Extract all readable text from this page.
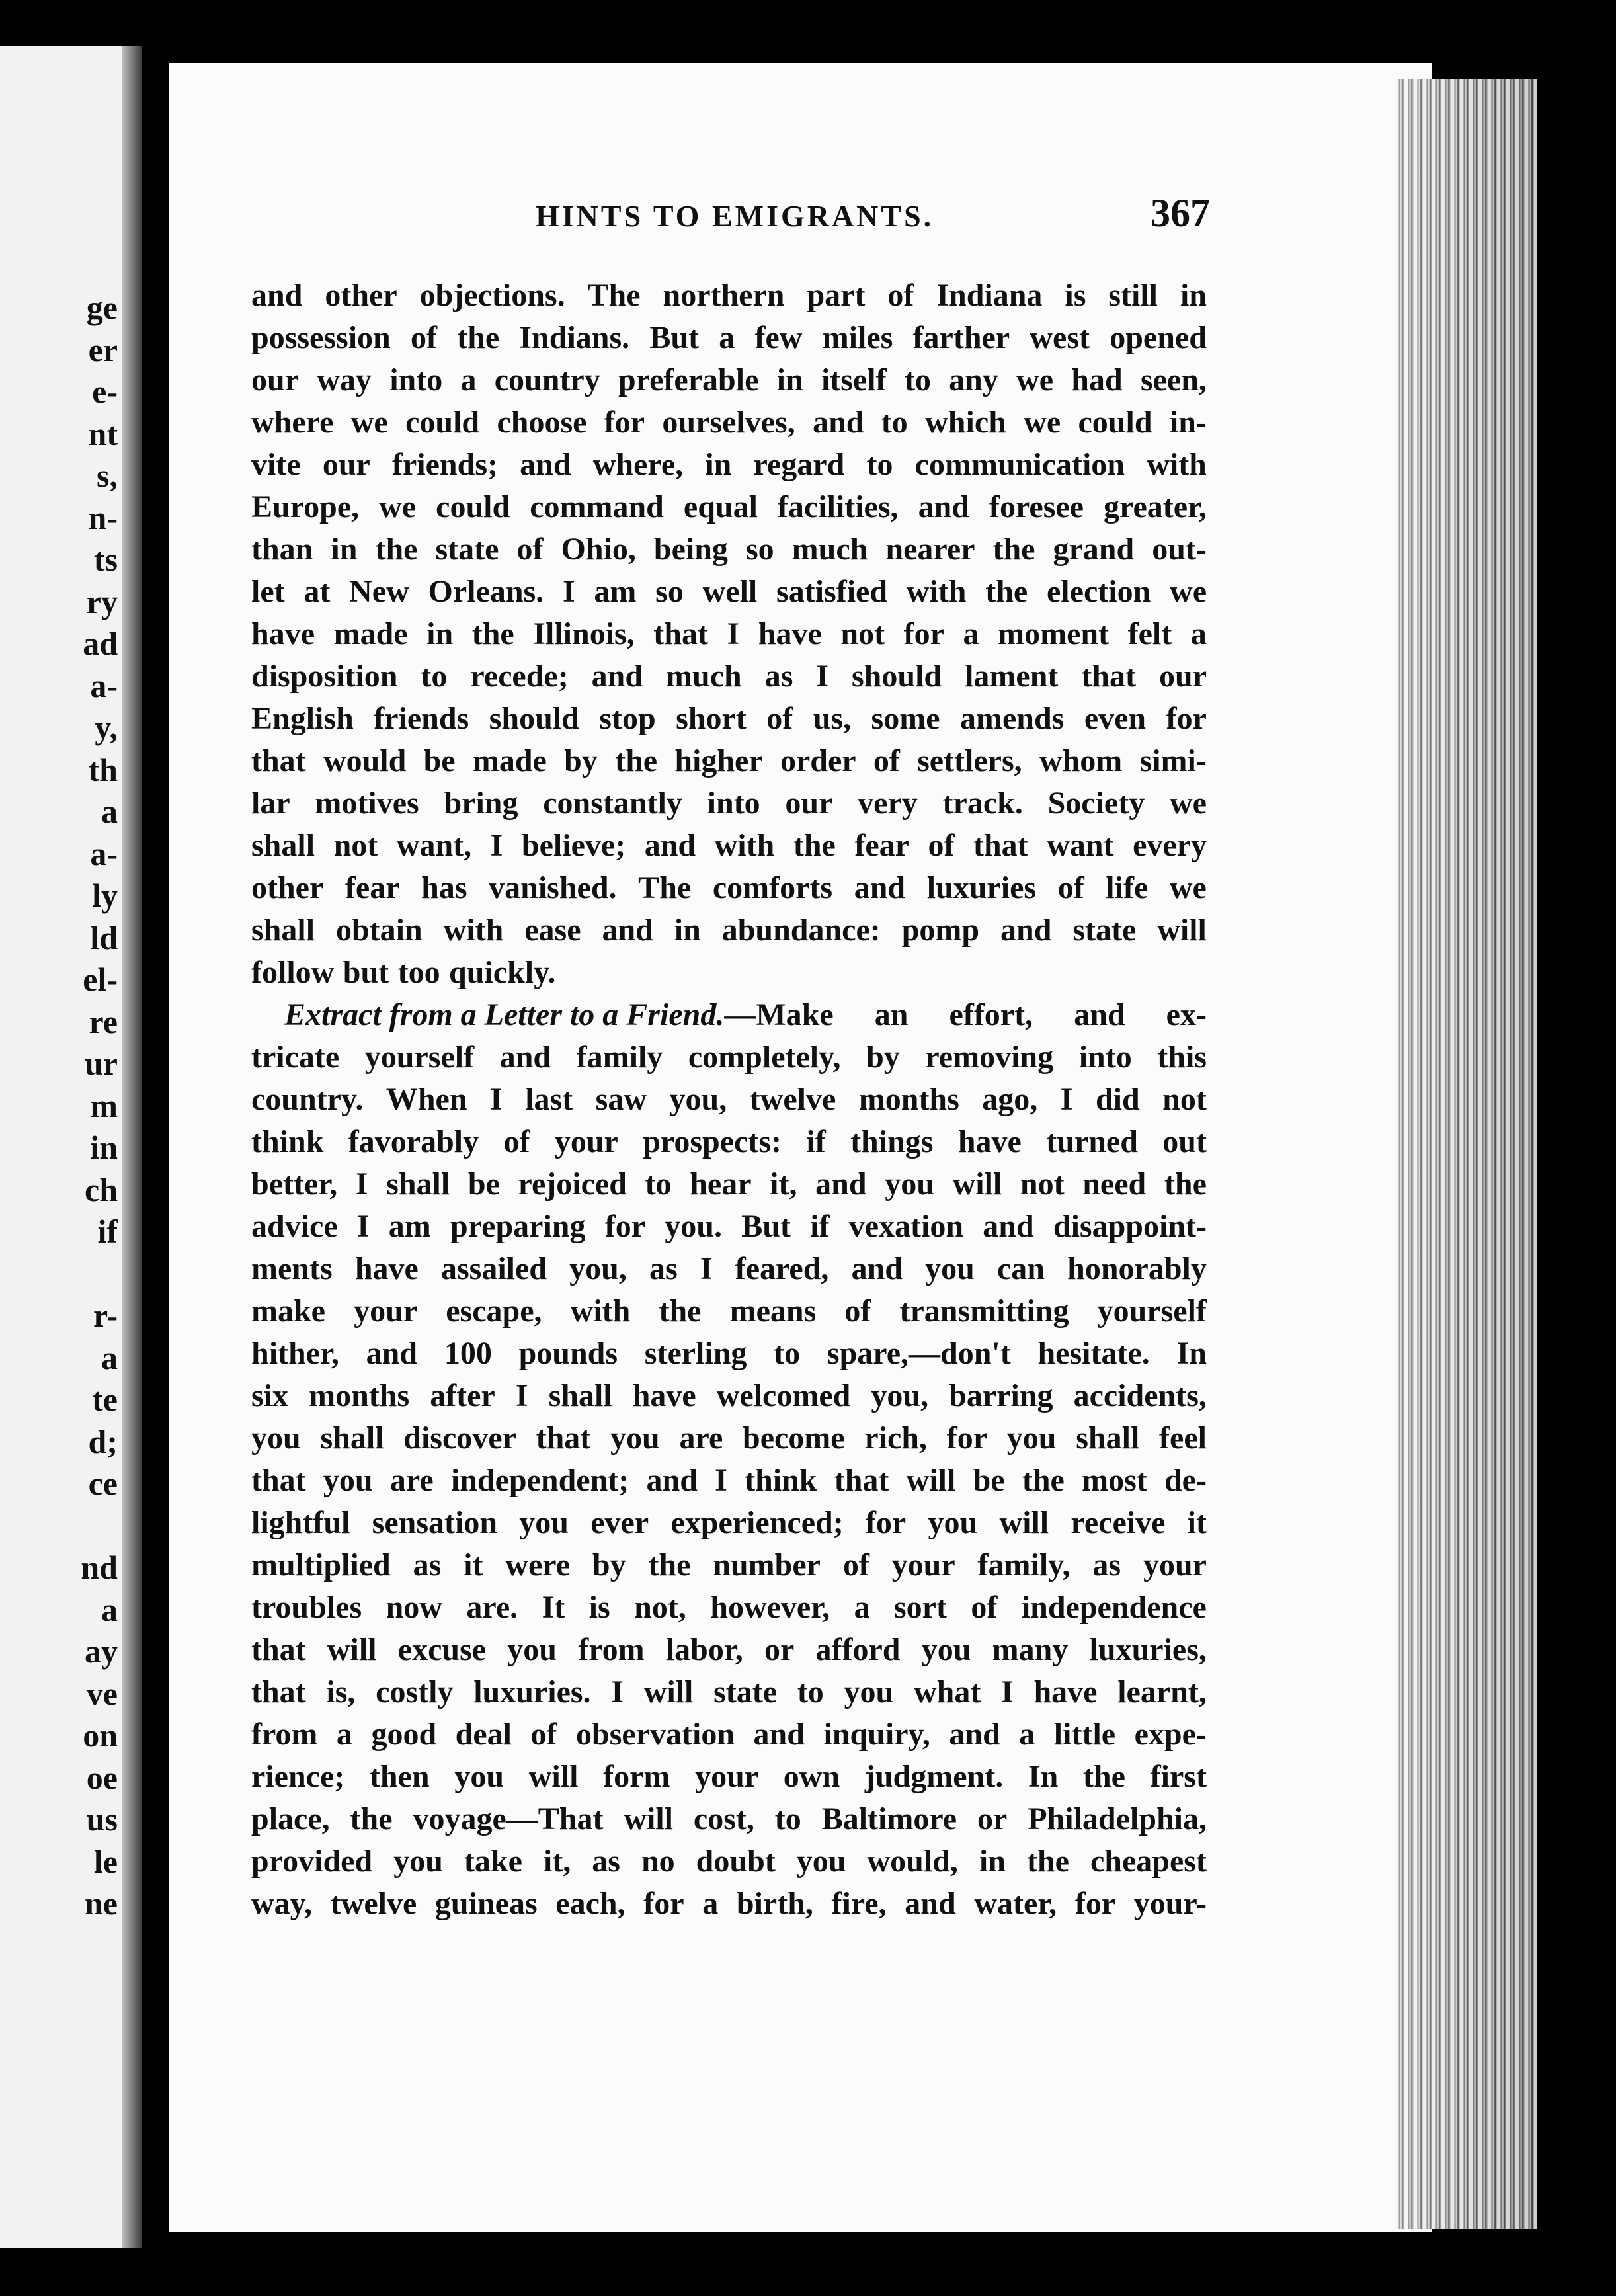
ge
er
e-
nt
s,
n-
ts
ry
ad
a-
y,
th
a
a-
ly
ld
el-
re
ur
m
in
ch
if
r-
a
te
d;
ce
nd
a
ay
ve
on
oe
us
le
ne
HINTS TO EMIGRANTS.	367
and other objections. The northern part of Indiana is still in
possession of the Indians. But a few miles farther west opened
our way into a country preferable in itself to any we had seen,
where we could choose for ourselves, and to which we could in-
vite our friends; and where, in regard to communication with
Europe, we could command equal facilities, and foresee greater,
than in the state of Ohio, being so much nearer the grand out-
let at New Orleans. I am so well satisfied with the election we
have made in the Illinois, that I have not for a moment felt a
disposition to recede; and much as I should lament that our
English friends should stop short of us, some amends even for
that would be made by the higher order of settlers, whom simi-
lar motives bring constantly into our very track. Society we
shall not want, I believe; and with the fear of that want every
other fear has vanished. The comforts and luxuries of life we
shall obtain with ease and in abundance: pomp and state will
follow but too quickly.
Extract from a Letter to a Friend.—Make an effort, and ex-
tricate yourself and family completely, by removing into this
country. When I last saw you, twelve months ago, I did not
think favorably of your prospects: if things have turned out
better, I shall be rejoiced to hear it, and you will not need the
advice I am preparing for you. But if vexation and disappoint-
ments have assailed you, as I feared, and you can honorably
make your escape, with the means of transmitting yourself
hither, and 100 pounds sterling to spare,—don't hesitate. In
six months after I shall have welcomed you, barring accidents,
you shall discover that you are become rich, for you shall feel
that you are independent; and I think that will be the most de-
lightful sensation you ever experienced; for you will receive it
multiplied as it were by the number of your family, as your
troubles now are. It is not, however, a sort of independence
that will excuse you from labor, or afford you many luxuries,
that is, costly luxuries. I will state to you what I have learnt,
from a good deal of observation and inquiry, and a little expe-
rience; then you will form your own judgment. In the first
place, the voyage—That will cost, to Baltimore or Philadelphia,
provided you take it, as no doubt you would, in the cheapest
way, twelve guineas each, for a birth, fire, and water, for your-
